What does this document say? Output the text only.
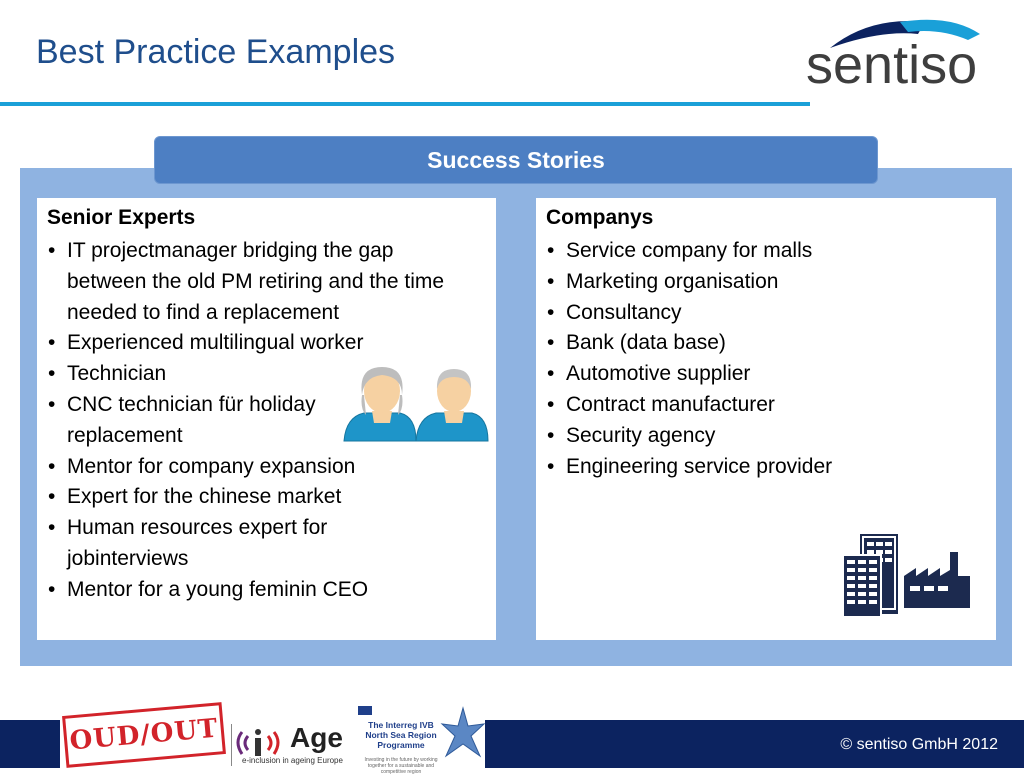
Best Practice Examples	sentiso
Success Stories
Senior Experts
• IT projectmanager bridging the gap between the old PM retiring and the time needed to find a replacement
• Experienced multilingual worker
• Technician
• CNC technician für holiday replacement
• Mentor for company expansion
• Expert for the chinese market
• Human resources expert for jobinterviews
• Mentor for a young feminin CEO
Companys
• Service company for malls
• Marketing organisation
• Consultancy
• Bank (data base)
• Automotive supplier
• Contract manufacturer
• Security agency
• Engineering service provider
OUD/OUT	Age
e-inclusion in ageing Europe
The Interreg IVB North Sea Region Programme
Investing in the future by working together for a sustainable and competitive region
© sentiso GmbH 2012
